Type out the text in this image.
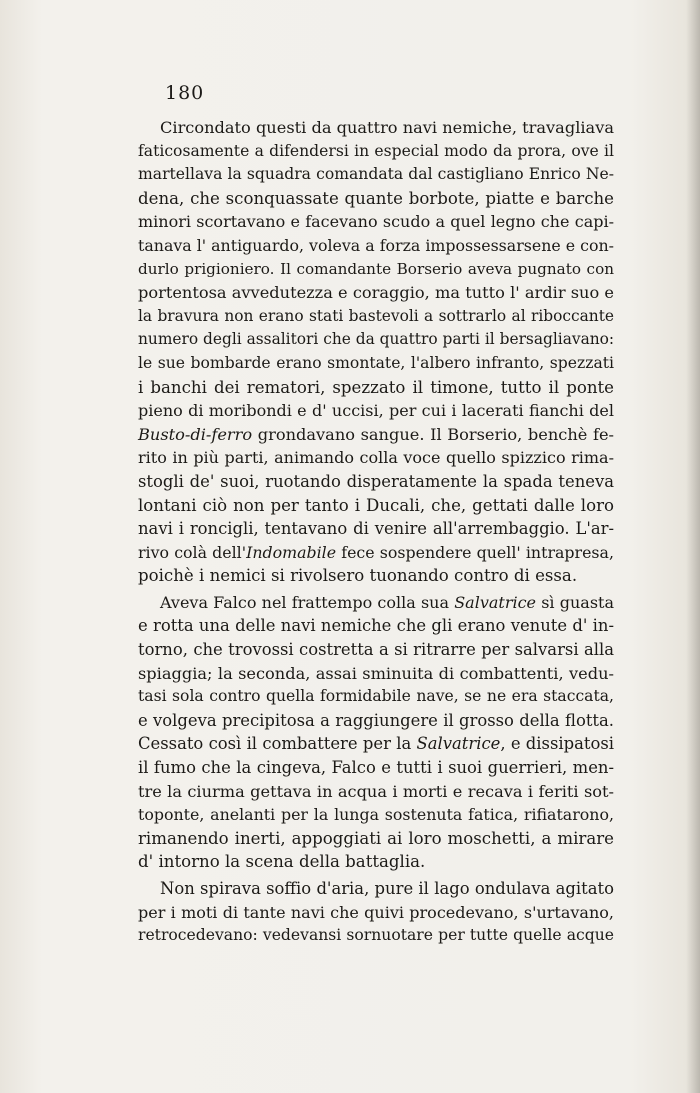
180
Circondato questi da quattro navi nemiche, travagliava
faticosamente a difendersi in especial modo da prora, ove il
martellava la squadra comandata dal castigliano Enrico Ne-
dena, che sconquassate quante borbote, piatte e barche
minori scortavano e facevano scudo a quel legno che capi-
tanava l' antiguardo, voleva a forza impossessarsene e con-
durlo prigioniero. Il comandante Borserio aveva pugnato con
portentosa avvedutezza e coraggio, ma tutto l' ardir suo e
la bravura non erano stati bastevoli a sottrarlo al riboccante
numero degli assalitori che da quattro parti il bersagliavano:
le sue bombarde erano smontate, l'albero infranto, spezzati
i banchi dei rematori, spezzato il timone, tutto il ponte
pieno di moribondi e d' uccisi, per cui i lacerati fianchi del
Busto-di-ferro grondavano sangue. Il Borserio, benchè fe-
rito in più parti, animando colla voce quello spizzico rima-
stogli de' suoi, ruotando disperatamente la spada teneva
lontani ciò non per tanto i Ducali, che, gettati dalle loro
navi i roncigli, tentavano di venire all'arrembaggio. L'ar-
rivo colà dell'Indomabile fece sospendere quell' intrapresa,
poichè i nemici si rivolsero tuonando contro di essa.
Aveva Falco nel frattempo colla sua Salvatrice sì guasta
e rotta una delle navi nemiche che gli erano venute d' in-
torno, che trovossi costretta a si ritrarre per salvarsi alla
spiaggia; la seconda, assai sminuita di combattenti, vedu-
tasi sola contro quella formidabile nave, se ne era staccata,
e volgeva precipitosa a raggiungere il grosso della flotta.
Cessato così il combattere per la Salvatrice, e dissipatosi
il fumo che la cingeva, Falco e tutti i suoi guerrieri, men-
tre la ciurma gettava in acqua i morti e recava i feriti sot-
toponte, anelanti per la lunga sostenuta fatica, rifiatarono,
rimanendo inerti, appoggiati ai loro moschetti, a mirare
d' intorno la scena della battaglia.
Non spirava soffio d'aria, pure il lago ondulava agitato
per i moti di tante navi che quivi procedevano, s'urtavano,
retrocedevano: vedevansi sornuotare per tutte quelle acque
